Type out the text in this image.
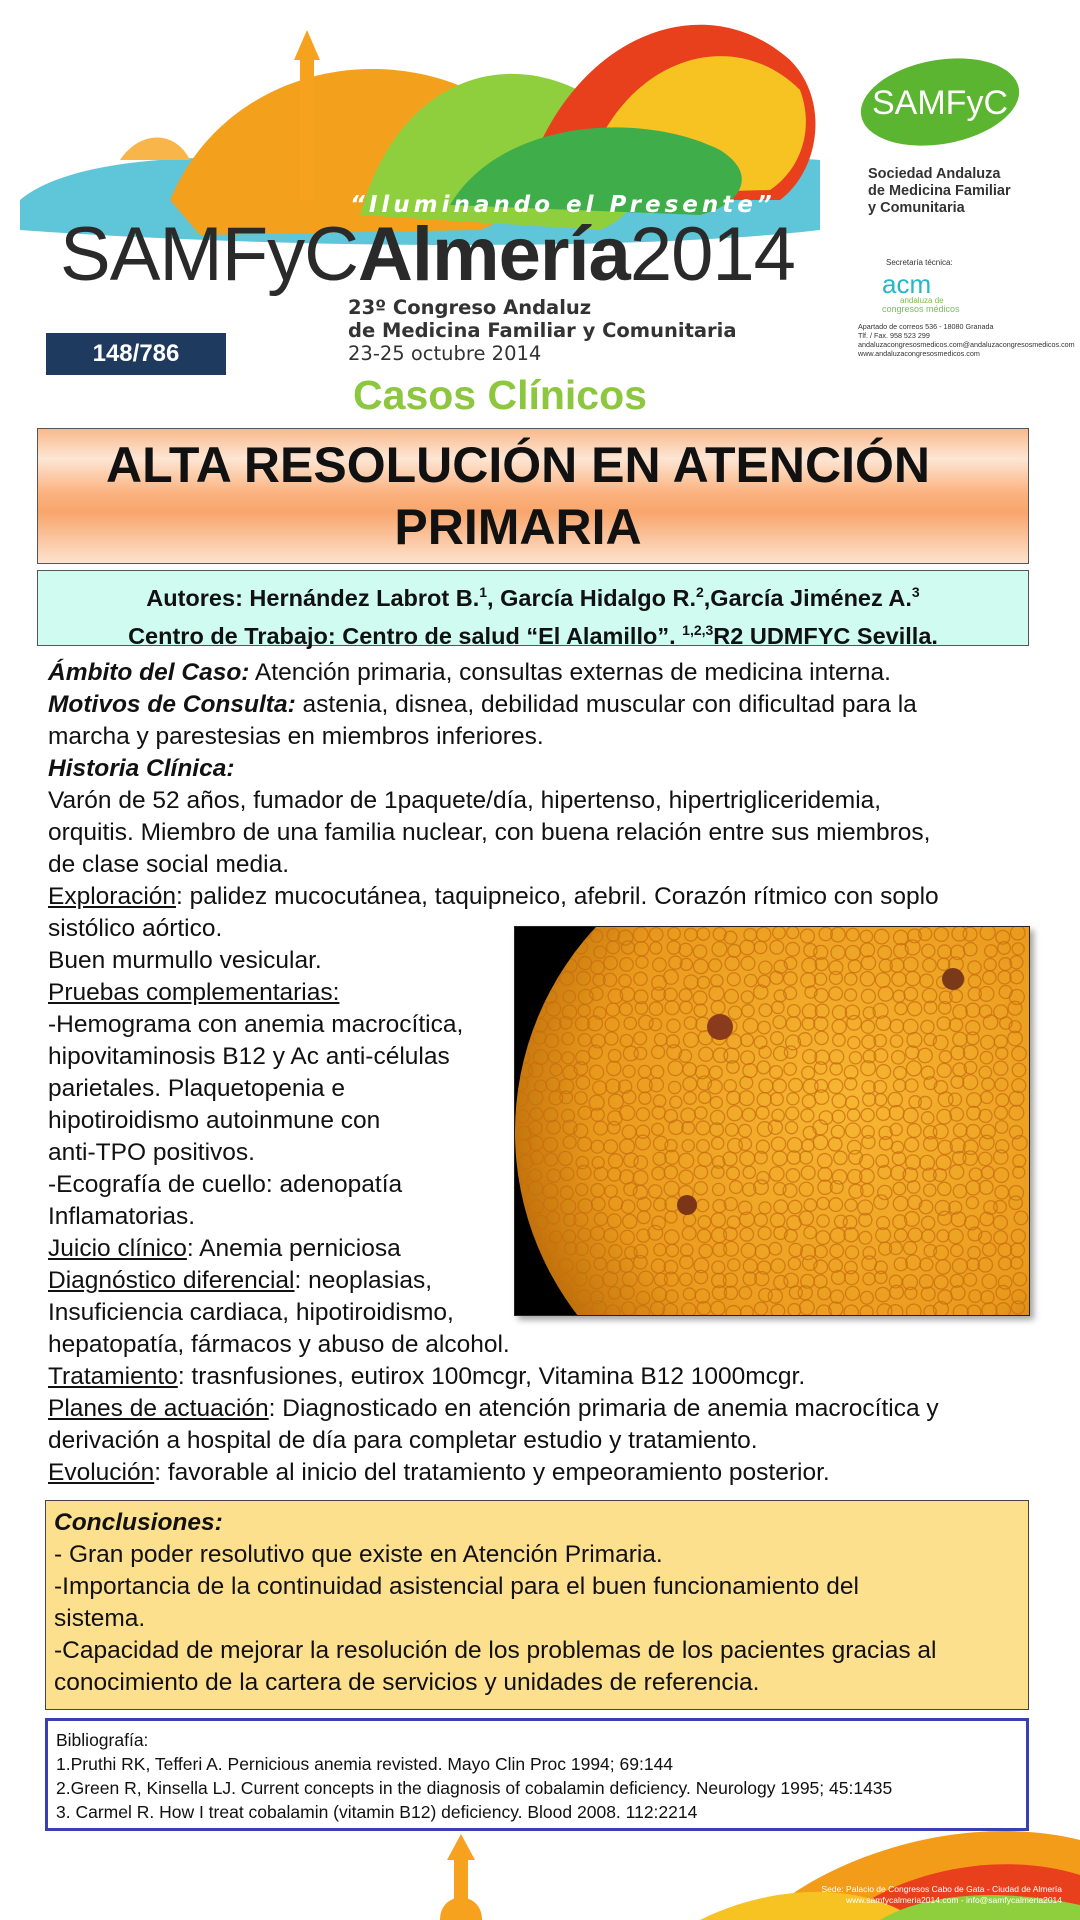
“Iluminando el Presente”
SAMFyCAlmería2014
23º Congreso Andaluz
de Medicina Familiar y Comunitaria
23-25 octubre 2014
148/786
SAMFyC
Sociedad Andaluza
de Medicina Familiar
y Comunitaria
Secretaría técnica:
acm
andaluza de
congresos médicos
Apartado de correos 536 - 18080 Granada
Tlf. / Fax. 958 523 299
andaluzacongresosmedicos.com@andaluzacongresosmedicos.com
www.andaluzacongresosmedicos.com
Casos Clínicos
ALTA RESOLUCIÓN EN ATENCIÓN
PRIMARIA
Autores: Hernández Labrot B.$^1$, García Hidalgo R.$^2$,García Jiménez A.$^3$
Centro de Trabajo: Centro de salud “El Alamillo”. $^{1,2,3}$R2 UDMFYC Sevilla.
Ámbito del Caso: Atención primaria, consultas externas de medicina interna.
Motivos de Consulta: astenia, disnea, debilidad muscular con dificultad para la
marcha y parestesias en miembros inferiores.
Historia Clínica:
Varón de 52 años, fumador de 1paquete/día, hipertenso, hipertrigliceridemia,
orquitis. Miembro de una familia nuclear, con buena relación entre sus miembros,
de clase social media.
Exploración: palidez mucocutánea, taquipneico, afebril. Corazón rítmico con soplo
sistólico aórtico.
Buen murmullo vesicular.
Pruebas complementarias:
-Hemograma con anemia macrocítica,
hipovitaminosis B12 y Ac anti-células
parietales. Plaquetopenia e
hipotiroidismo autoinmune con
anti-TPO positivos.
-Ecografía de cuello: adenopatía
Inflamatorias.
Juicio clínico: Anemia perniciosa
Diagnóstico diferencial: neoplasias,
Insuficiencia cardiaca, hipotiroidismo,
hepatopatía, fármacos y abuso de alcohol.
Tratamiento: trasnfusiones, eutirox 100mcgr, Vitamina B12 1000mcgr.
Planes de actuación: Diagnosticado en atención primaria de anemia macrocítica y
derivación a hospital de día para completar estudio y tratamiento.
Evolución: favorable al inicio del tratamiento y empeoramiento posterior.
Conclusiones:
- Gran poder resolutivo que existe en Atención Primaria.
-Importancia de la continuidad asistencial para el buen funcionamiento del
sistema.
-Capacidad de mejorar la resolución de los problemas de los pacientes gracias al
conocimiento de la cartera de servicios y unidades de referencia.
Bibliografía:
1.Pruthi RK, Tefferi A. Pernicious anemia revisted. Mayo Clin Proc 1994; 69:144
2.Green R, Kinsella LJ. Current concepts in the diagnosis of cobalamin deficiency. Neurology 1995; 45:1435
3. Carmel R. How I treat cobalamin (vitamin B12) deficiency. Blood 2008. 112:2214
Sede: Palacio de Congresos Cabo de Gata - Ciudad de Almería
www.samfycalmeria2014.com - info@samfycalmeria2014
